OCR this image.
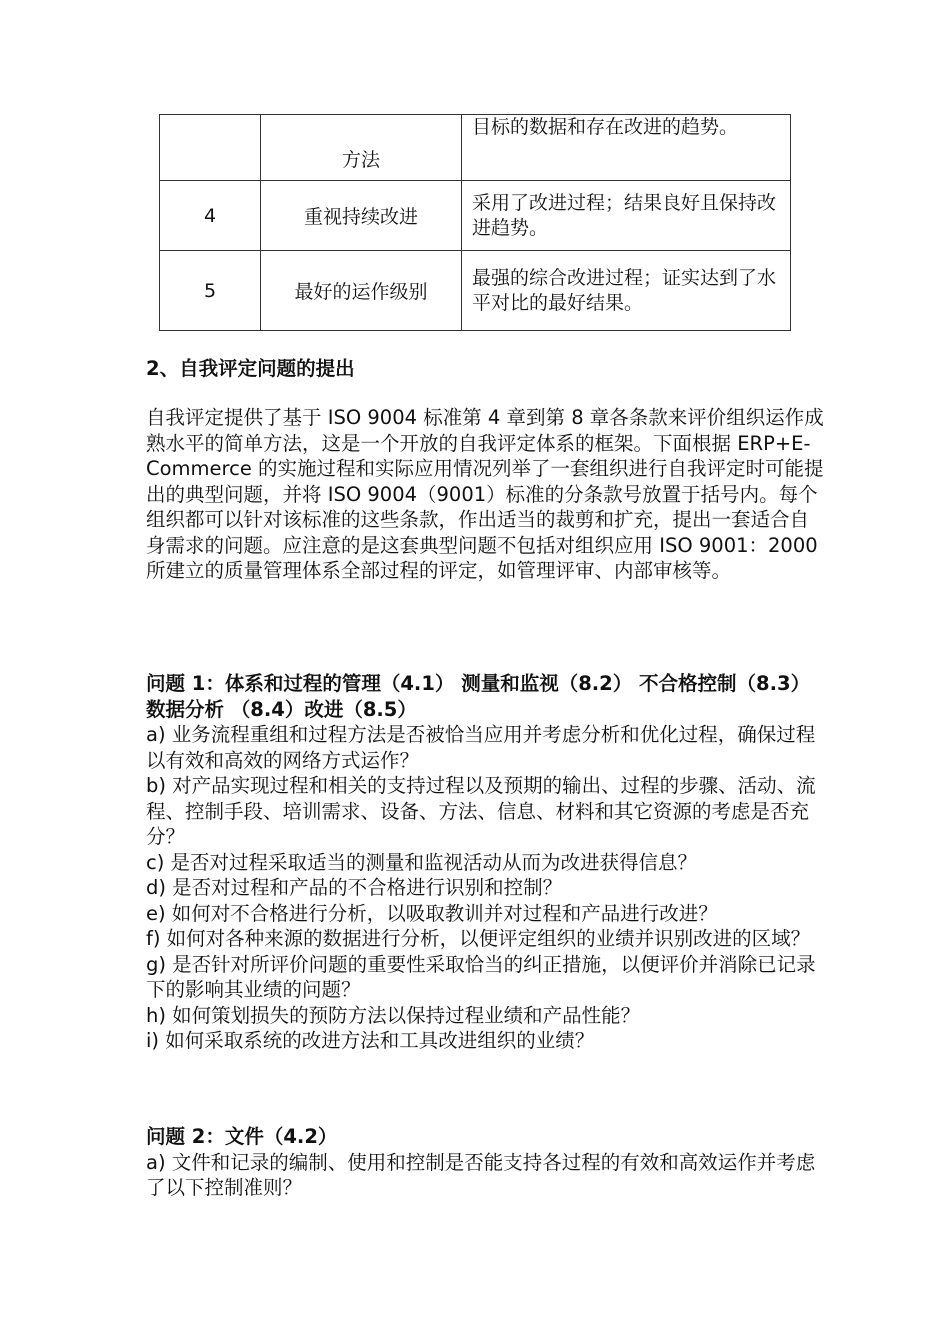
	方法	目标的数据和存在改进的趋势。
4	重视持续改进	采用了改进过程；结果良好且保持改进趋势。
5	最好的运作级别	最强的综合改进过程；证实达到了水平对比的最好结果。

2、自我评定问题的提出

自我评定提供了基于 ISO 9004 标准第 4 章到第 8 章各条款来评价组织运作成熟水平的简单方法，这是一个开放的自我评定体系的框架。下面根据 ERP+E-Commerce 的实施过程和实际应用情况列举了一套组织进行自我评定时可能提出的典型问题，并将 ISO 9004（9001）标准的分条款号放置于括号内。每个组织都可以针对该标准的这些条款，作出适当的裁剪和扩充，提出一套适合自身需求的问题。应注意的是这套典型问题不包括对组织应用 ISO 9001：2000 所建立的质量管理体系全部过程的评定，如管理评审、内部审核等。

问题 1：体系和过程的管理（4.1） 测量和监视（8.2） 不合格控制（8.3） 数据分析 （8.4）改进（8.5）

a) 业务流程重组和过程方法是否被恰当应用并考虑分析和优化过程，确保过程以有效和高效的网络方式运作？

b) 对产品实现过程和相关的支持过程以及预期的输出、过程的步骤、活动、流程、控制手段、培训需求、设备、方法、信息、材料和其它资源的考虑是否充分？

c) 是否对过程采取适当的测量和监视活动从而为改进获得信息？

d) 是否对过程和产品的不合格进行识别和控制？

e) 如何对不合格进行分析，以吸取教训并对过程和产品进行改进？

f) 如何对各种来源的数据进行分析，以便评定组织的业绩并识别改进的区域？

g) 是否针对所评价问题的重要性采取恰当的纠正措施，以便评价并消除已记录下的影响其业绩的问题？

h) 如何策划损失的预防方法以保持过程业绩和产品性能？

i) 如何采取系统的改进方法和工具改进组织的业绩？

问题 2：文件（4.2）

a) 文件和记录的编制、使用和控制是否能支持各过程的有效和高效运作并考虑了以下控制准则？
